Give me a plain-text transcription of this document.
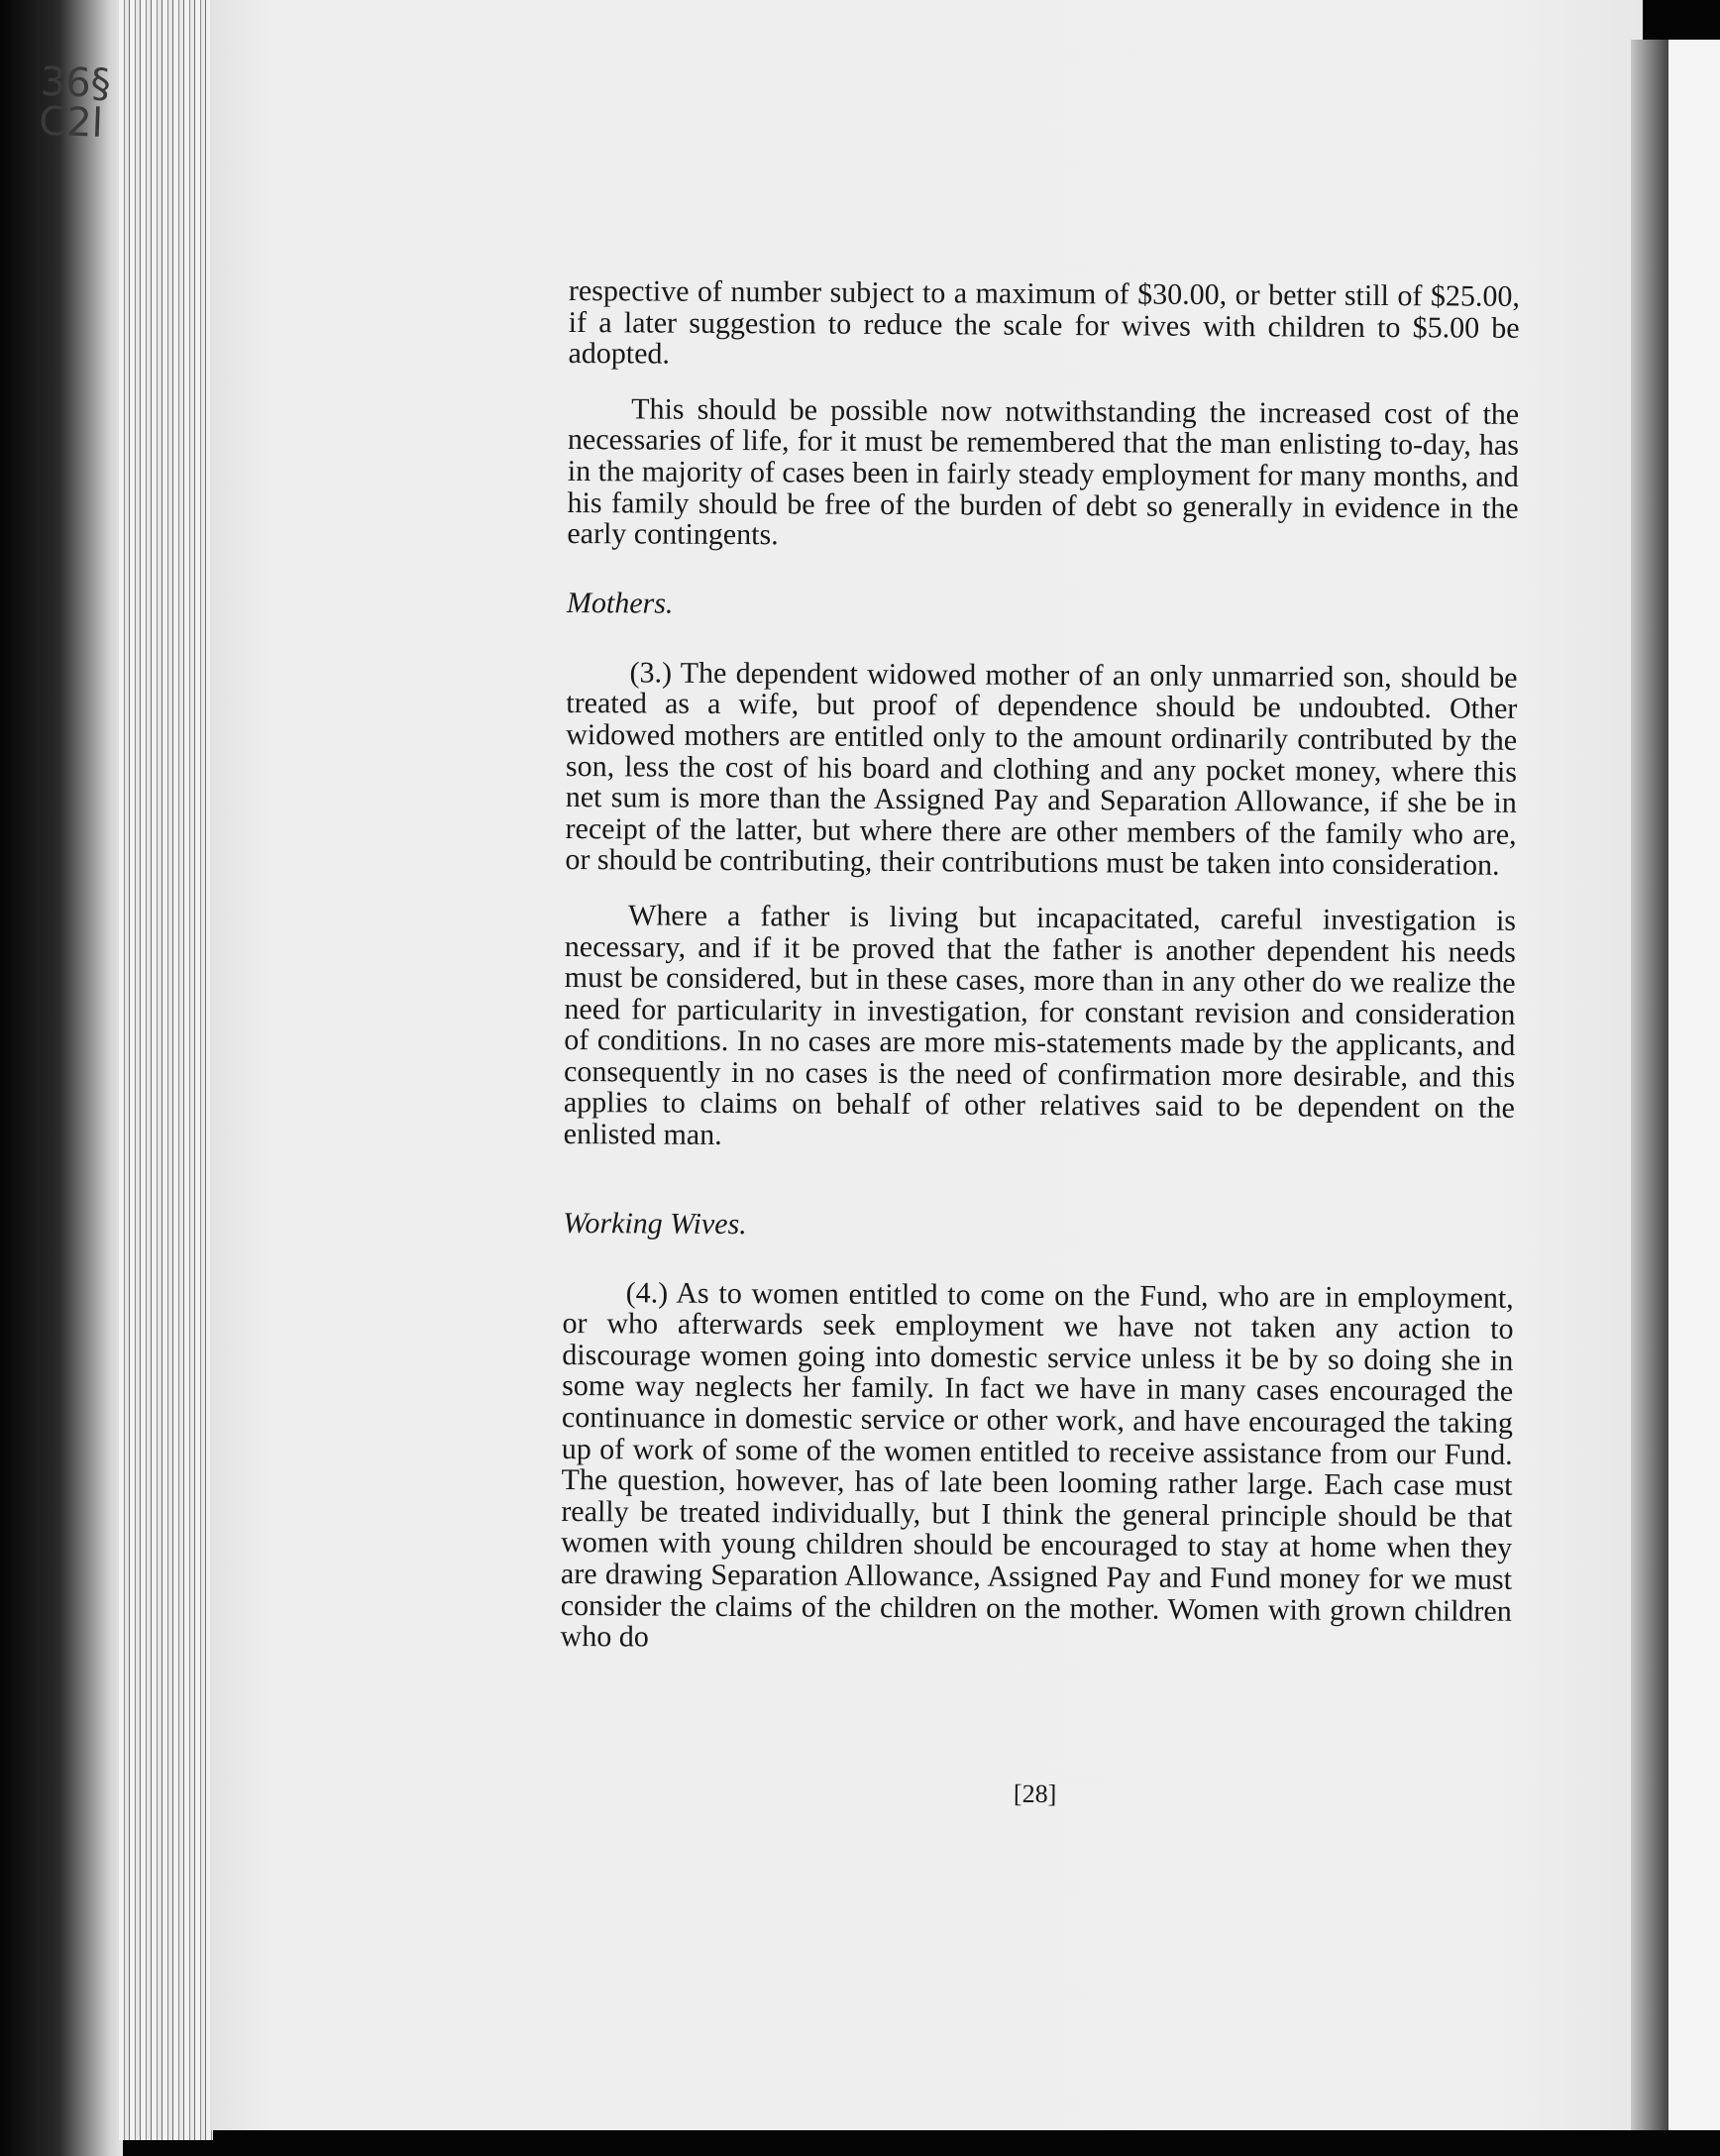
36§
C2l

respective of number subject to a maximum of $30.00, or better still of $25.00, if a later suggestion to reduce the scale for wives with children to $5.00 be adopted.

This should be possible now notwithstanding the increased cost of the necessaries of life, for it must be remembered that the man enlisting to-day, has in the majority of cases been in fairly steady employment for many months, and his family should be free of the burden of debt so generally in evidence in the early contingents.

Mothers.

(3.) The dependent widowed mother of an only unmarried son, should be treated as a wife, but proof of dependence should be undoubted. Other widowed mothers are entitled only to the amount ordinarily contributed by the son, less the cost of his board and clothing and any pocket money, where this net sum is more than the Assigned Pay and Separation Allowance, if she be in receipt of the latter, but where there are other members of the family who are, or should be contributing, their contributions must be taken into consideration.

Where a father is living but incapacitated, careful investigation is necessary, and if it be proved that the father is another dependent his needs must be considered, but in these cases, more than in any other do we realize the need for particularity in investigation, for constant revision and consideration of conditions. In no cases are more mis-statements made by the applicants, and consequently in no cases is the need of confirmation more desirable, and this applies to claims on behalf of other relatives said to be dependent on the enlisted man.

Working Wives.

(4.) As to women entitled to come on the Fund, who are in employment, or who afterwards seek employment we have not taken any action to discourage women going into domestic service unless it be by so doing she in some way neglects her family. In fact we have in many cases encouraged the continuance in domestic service or other work, and have encouraged the taking up of work of some of the women entitled to receive assistance from our Fund. The question, however, has of late been looming rather large. Each case must really be treated individually, but I think the general principle should be that women with young children should be encouraged to stay at home when they are drawing Separation Allowance, Assigned Pay and Fund money for we must consider the claims of the children on the mother. Women with grown children who do

[28]
